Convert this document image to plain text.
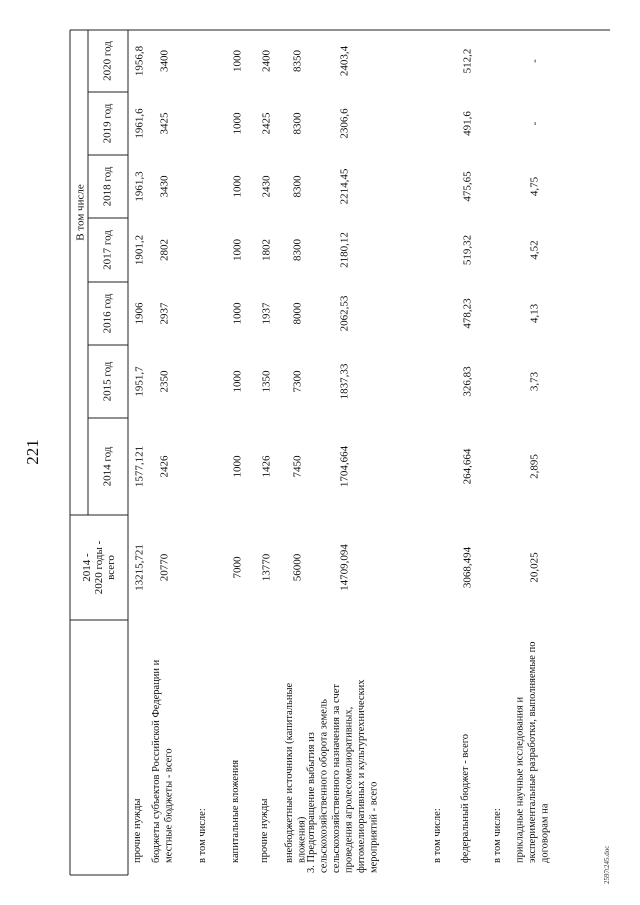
221
2597t245.doc
2014 -2020 годы -всего
В том числе
2014 год
2015 год
2016 год
2017 год
2018 год
2019 год
2020 год
прочие нужды
13215,721
1577,121
1951,7
1906
1901,2
1961,3
1961,6
1956,8
бюджеты субъектов Российской Федерации и местные бюджеты - всего
20770
2426
2350
2937
2802
3430
3425
3400
в том числе: капитальные вложения
7000
1000
1000
1000
1000
1000
1000
1000
прочие нужды
13770
1426
1350
1937
1802
2430
2425
2400
внебюджетные источники (капитальные вложения)
56000
7450
7300
8000
8300
8300
8300
8350
3. Предотвращение выбытия из сельскохозяйственного оборота земель сельскохозяйственного назначения за счет проведения агролесомелиоративных, фитомелиоративных и культуртехнических мероприятий - всего
14709,094
1704,664
1837,33
2062,53
2180,12
2214,45
2306,6
2403,4
в том числе: федеральный бюджет - всего
3068,494
264,664
326,83
478,23
519,32
475,65
491,6
512,2
в том числе: прикладные научные исследования и экспериментальные разработки, выполняемые по договорам на
20,025
2,895
3,73
4,13
4,52
4,75
-
-
